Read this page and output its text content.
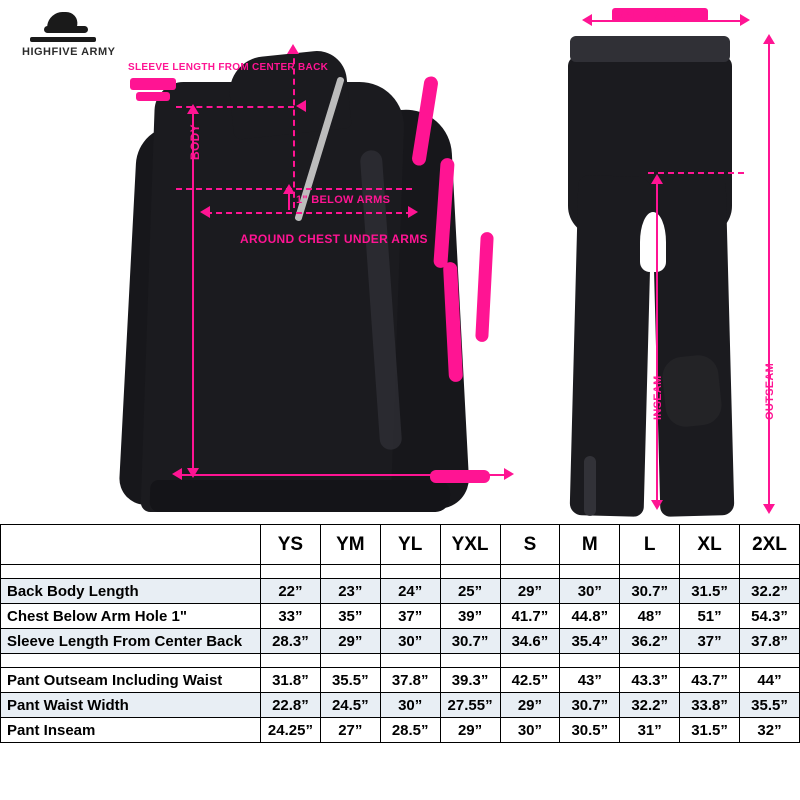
HIGHFIVE ARMY
SLEEVE LENGTH FROM CENTER BACK
BODY
1" BELOW ARMS
AROUND CHEST UNDER ARMS
WAIST WIDTH
OUTSEAM
INSEAM
	YS	YM	YL	YXL	S	M	L	XL	2XL

Back Body Length	22”	23”	24”	25”	29”	30”	30.7”	31.5”	32.2”
Chest Below Arm Hole 1"	33”	35”	37”	39”	41.7”	44.8”	48”	51”	54.3”
Sleeve Length From Center Back	28.3”	29”	30”	30.7”	34.6”	35.4”	36.2”	37”	37.8”

Pant Outseam Including Waist	31.8”	35.5”	37.8”	39.3”	42.5”	43”	43.3”	43.7”	44”
Pant Waist Width	22.8”	24.5”	30”	27.55”	29”	30.7”	32.2”	33.8”	35.5”
Pant Inseam	24.25”	27”	28.5”	29”	30”	30.5”	31”	31.5”	32”
